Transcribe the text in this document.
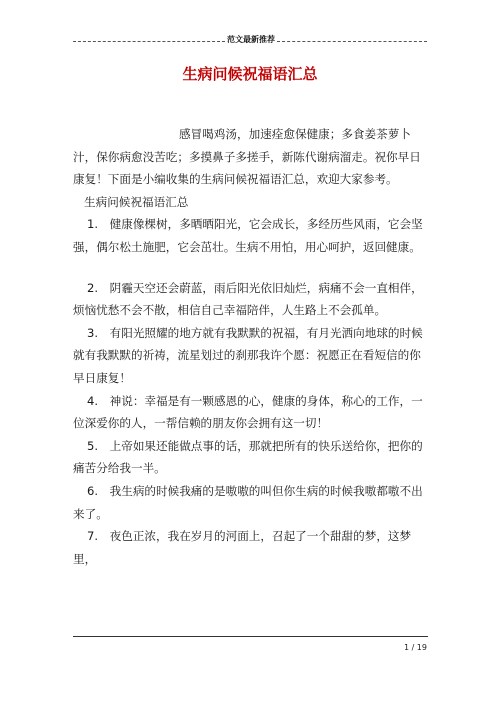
范文最新推荐
生病问候祝福语汇总

感冒喝鸡汤，加速痊愈保健康；多食姜茶萝卜汁，保你病愈没苦吃；多摸鼻子多搓手，新陈代谢病溜走。祝你早日康复！下面是小编收集的生病问候祝福语汇总，欢迎大家参考。

生病问候祝福语汇总

1.　健康像棵树，多晒晒阳光，它会成长，多经历些风雨，它会坚强，偶尔松土施肥，它会茁壮。生病不用怕，用心呵护，返回健康。

2.　阴霾天空还会蔚蓝，雨后阳光依旧灿烂，病痛不会一直相伴，烦恼忧愁不会不散，相信自己幸福陪伴，人生路上不会孤单。

3.　有阳光照耀的地方就有我默默的祝福，有月光洒向地球的时候就有我默默的祈祷，流星划过的刹那我许个愿：祝愿正在看短信的你早日康复！

4.　神说：幸福是有一颗感恩的心，健康的身体，称心的工作，一位深爱你的人，一帮信赖的朋友你会拥有这一切！

5.　上帝如果还能做点事的话，那就把所有的快乐送给你，把你的痛苦分给我一半。

6.　我生病的时候我痛的是嗷嗷的叫但你生病的时候我嗷都嗷不出来了。

7.　夜色正浓，我在岁月的河面上，召起了一个甜甜的梦，这梦里，

1 / 19
